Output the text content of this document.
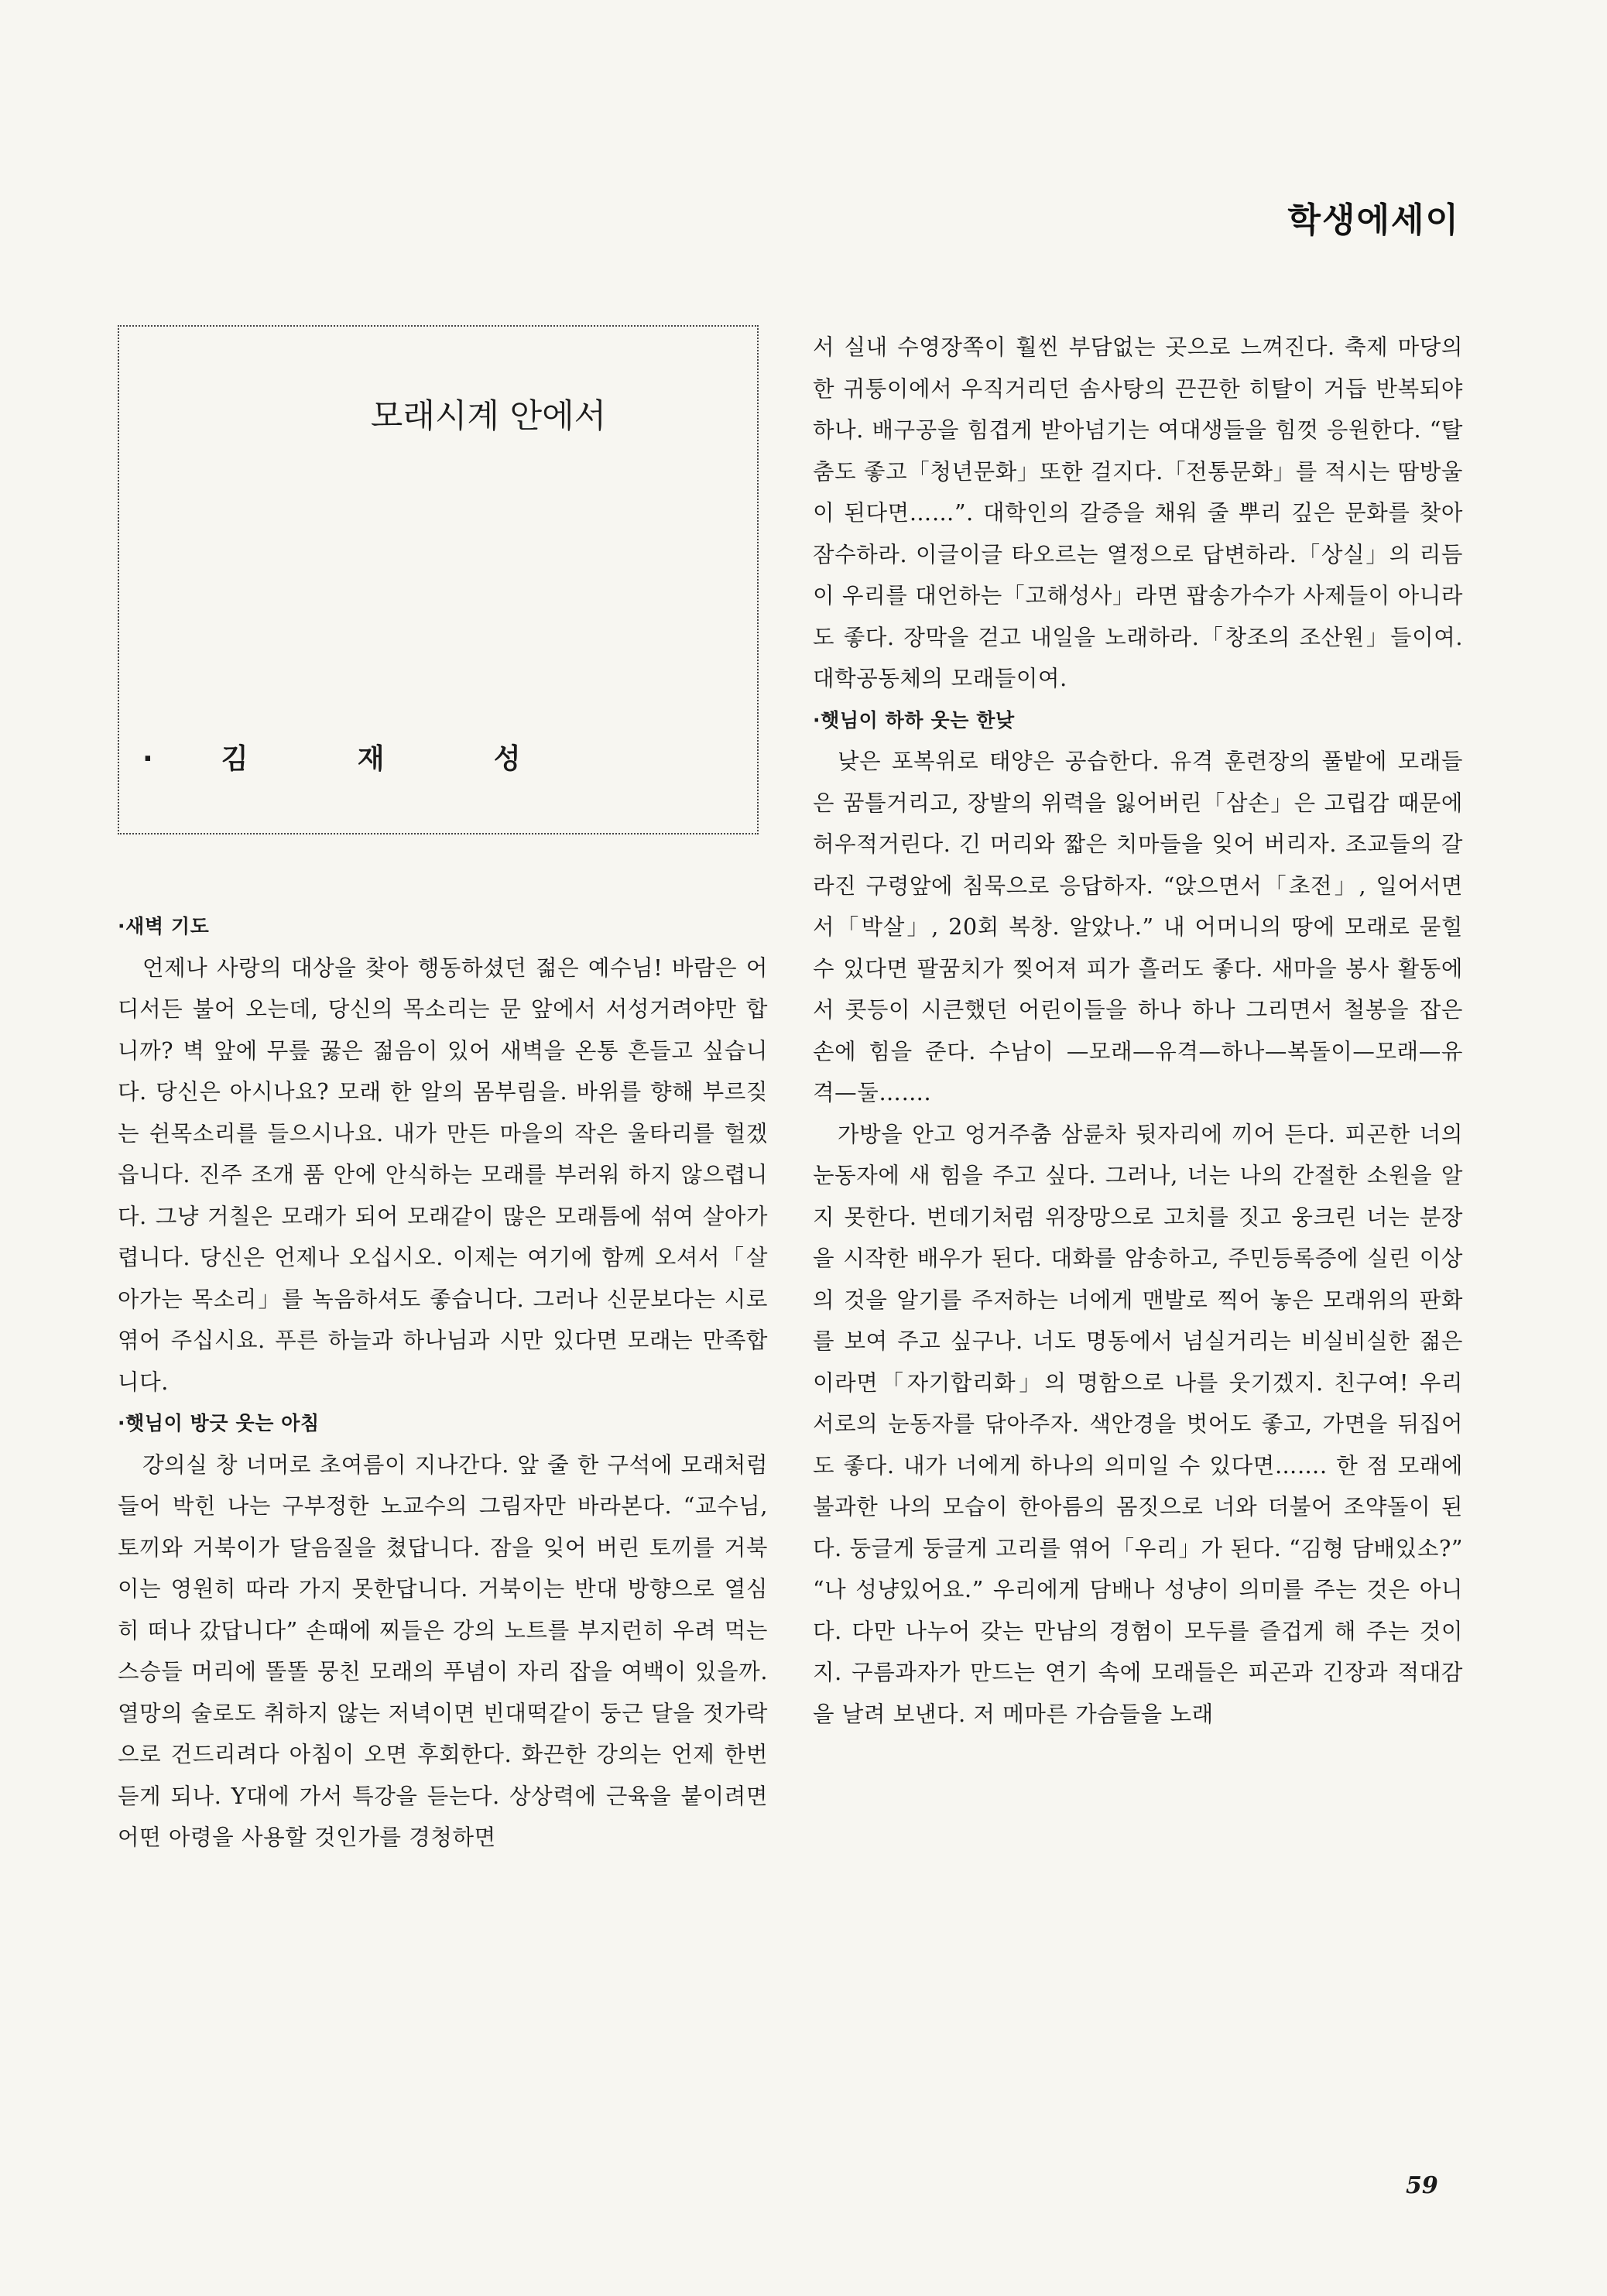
학생에세이
모래시계 안에서
· 김	재	성
·새벽 기도

언제나 사랑의 대상을 찾아 행동하셨던 젊은 예수님! 바람은 어디서든 불어 오는데, 당신의 목소리는 문 앞에서 서성거려야만 합니까? 벽 앞에 무릎 꿇은 젊음이 있어 새벽을 온통 흔들고 싶습니다. 당신은 아시나요? 모래 한 알의 몸부림을. 바위를 향해 부르짖는 쉰목소리를 들으시나요. 내가 만든 마을의 작은 울타리를 헐겠읍니다. 진주 조개 품 안에 안식하는 모래를 부러워 하지 않으렵니다. 그냥 거칠은 모래가 되어 모래같이 많은 모래틈에 섞여 살아가렵니다. 당신은 언제나 오십시오. 이제는 여기에 함께 오셔서「살아가는 목소리」를 녹음하셔도 좋습니다. 그러나 신문보다는 시로 엮어 주십시요. 푸른 하늘과 하나님과 시만 있다면 모래는 만족합니다.

·햇님이 방긋 웃는 아침

강의실 창 너머로 초여름이 지나간다. 앞 줄 한 구석에 모래처럼 들어 박힌 나는 구부정한 노교수의 그림자만 바라본다. “교수님, 토끼와 거북이가 달음질을 쳤답니다. 잠을 잊어 버린 토끼를 거북이는 영원히 따라 가지 못한답니다. 거북이는 반대 방향으로 열심히 떠나 갔답니다” 손때에 찌들은 강의 노트를 부지런히 우려 먹는 스승들 머리에 똘똘 뭉친 모래의 푸념이 자리 잡을 여백이 있을까. 열망의 술로도 취하지 않는 저녁이면 빈대떡같이 둥근 달을 젓가락으로 건드리려다 아침이 오면 후회한다. 화끈한 강의는 언제 한번 듣게 되나. Y대에 가서 특강을 듣는다. 상상력에 근육을 붙이려면 어떤 아령을 사용할 것인가를 경청하면

서 실내 수영장쪽이 훨씬 부담없는 곳으로 느껴진다. 축제 마당의 한 귀퉁이에서 우직거리던 솜사탕의 끈끈한 히탈이 거듭 반복되야 하나. 배구공을 힘겹게 받아넘기는 여대생들을 힘껏 응원한다. “탈춤도 좋고「청년문화」또한 걸지다.「전통문화」를 적시는 땀방울이 된다면……”. 대학인의 갈증을 채워 줄 뿌리 깊은 문화를 찾아 잠수하라. 이글이글 타오르는 열정으로 답변하라.「상실」의 리듬이 우리를 대언하는「고해성사」라면 팝송가수가 사제들이 아니라도 좋다. 장막을 걷고 내일을 노래하라.「창조의 조산원」들이여. 대학공동체의 모래들이여.

·햇님이 하하 웃는 한낮

낮은 포복위로 태양은 공습한다. 유격 훈련장의 풀밭에 모래들은 꿈틀거리고, 장발의 위력을 잃어버린「삼손」은 고립감 때문에 허우적거린다. 긴 머리와 짧은 치마들을 잊어 버리자. 조교들의 갈라진 구령앞에 침묵으로 응답하자. “앉으면서「초전」, 일어서면서「박살」, 20회 복창. 알았나.” 내 어머니의 땅에 모래로 묻힐 수 있다면 팔꿈치가 찢어져 피가 흘러도 좋다. 새마을 봉사 활동에서 콧등이 시큰했던 어린이들을 하나 하나 그리면서 철봉을 잡은 손에 힘을 준다. 수남이 —모래—유격—하나—복돌이—모래—유격—둘…….

가방을 안고 엉거주춤 삼륜차 뒷자리에 끼어 든다. 피곤한 너의 눈동자에 새 힘을 주고 싶다. 그러나, 너는 나의 간절한 소원을 알지 못한다. 번데기처럼 위장망으로 고치를 짓고 웅크린 너는 분장을 시작한 배우가 된다. 대화를 암송하고, 주민등록증에 실린 이상의 것을 알기를 주저하는 너에게 맨발로 찍어 놓은 모래위의 판화를 보여 주고 싶구나. 너도 명동에서 넘실거리는 비실비실한 젊은이라면「자기합리화」의 명함으로 나를 웃기겠지. 친구여! 우리 서로의 눈동자를 닦아주자. 색안경을 벗어도 좋고, 가면을 뒤집어도 좋다. 내가 너에게 하나의 의미일 수 있다면……. 한 점 모래에 불과한 나의 모습이 한아름의 몸짓으로 너와 더불어 조약돌이 된다. 둥글게 둥글게 고리를 엮어「우리」가 된다. “김형 담배있소?” “나 성냥있어요.” 우리에게 담배나 성냥이 의미를 주는 것은 아니다. 다만 나누어 갖는 만남의 경험이 모두를 즐겁게 해 주는 것이지. 구름과자가 만드는 연기 속에 모래들은 피곤과 긴장과 적대감을 날려 보낸다. 저 메마른 가슴들을 노래

59
